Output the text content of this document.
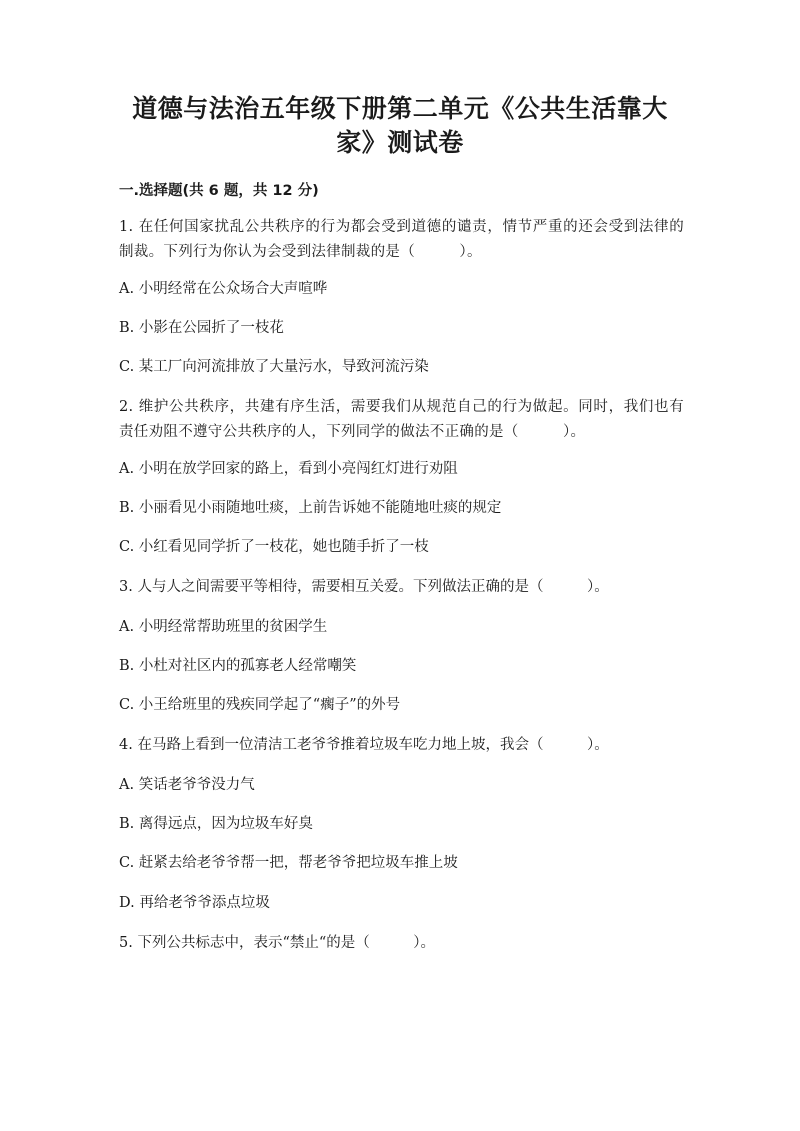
道德与法治五年级下册第二单元《公共生活靠大
家》测试卷
一.选择题(共 6 题，共 12 分)
1. 在任何国家扰乱公共秩序的行为都会受到道德的谴责，情节严重的还会受到法律的制裁。下列行为你认为会受到法律制裁的是（　　　）。
A. 小明经常在公众场合大声喧哗
B. 小影在公园折了一枝花
C. 某工厂向河流排放了大量污水，导致河流污染
2. 维护公共秩序，共建有序生活，需要我们从规范自己的行为做起。同时，我们也有责任劝阻不遵守公共秩序的人，下列同学的做法不正确的是（　　　）。
A. 小明在放学回家的路上，看到小亮闯红灯进行劝阻
B. 小丽看见小雨随地吐痰，上前告诉她不能随地吐痰的规定
C. 小红看见同学折了一枝花，她也随手折了一枝
3. 人与人之间需要平等相待，需要相互关爱。下列做法正确的是（　　　）。
A. 小明经常帮助班里的贫困学生
B. 小杜对社区内的孤寡老人经常嘲笑
C. 小王给班里的残疾同学起了“瘸子”的外号
4. 在马路上看到一位清洁工老爷爷推着垃圾车吃力地上坡，我会（　　　）。
A. 笑话老爷爷没力气
B. 离得远点，因为垃圾车好臭
C. 赶紧去给老爷爷帮一把，帮老爷爷把垃圾车推上坡
D. 再给老爷爷添点垃圾
5. 下列公共标志中，表示“禁止“的是（　　　）。
